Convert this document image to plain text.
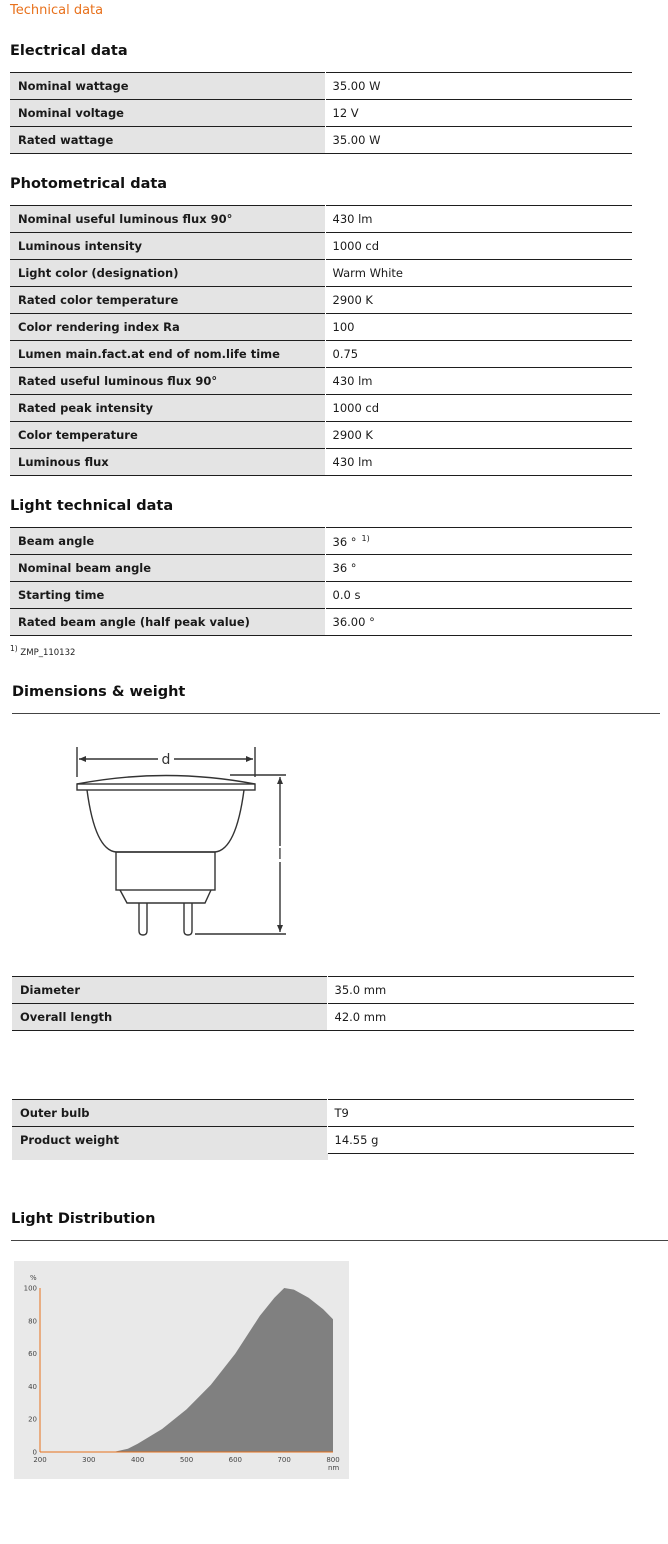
Technical data
Electrical data
Nominal wattage	35.00 W
Nominal voltage	12 V
Rated wattage	35.00 W
Photometrical data
Nominal useful luminous flux 90°	430 lm
Luminous intensity	1000 cd
Light color (designation)	Warm White
Rated color temperature	2900 K
Color rendering index Ra	100
Lumen main.fact.at end of nom.life time	0.75
Rated useful luminous flux 90°	430 lm
Rated peak intensity	1000 cd
Color temperature	2900 K
Luminous flux	430 lm
Light technical data
Beam angle	36 ° $^{1)}$
Nominal beam angle	36 °
Starting time	0.0 s
Rated beam angle (half peak value)	36.00 °
1) ZMP_110132
Dimensions & weight
d
l
Diameter	35.0 mm
Overall length	42.0 mm
Outer bulb	T9
Product weight	14.55 g
Light Distribution
0
20
40
60
80
100
200	300	400	500	600	700	800
%
nm
